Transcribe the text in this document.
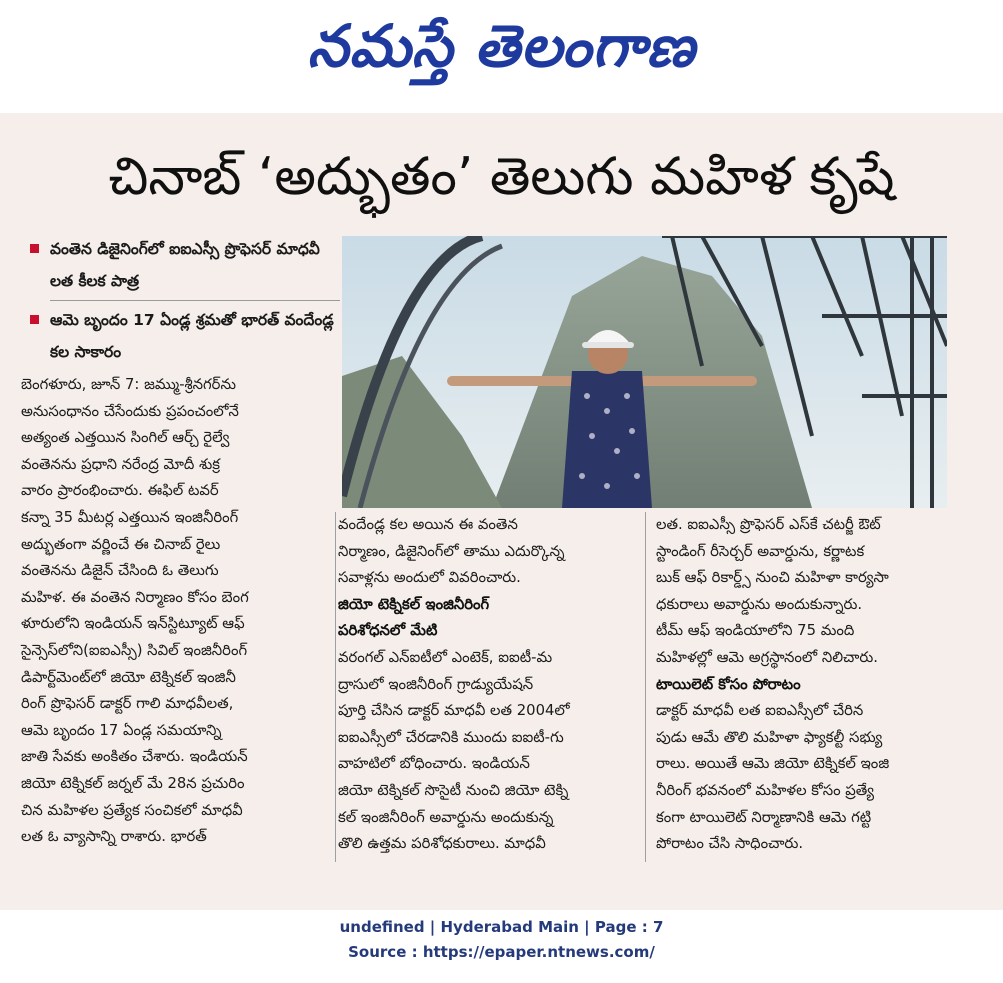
నమస్తే తెలంగాణ
చినాబ్ ‘అద్భుతం’ తెలుగు మహిళ కృషే
వంతెన డిజైనింగ్‌లో ఐఐఎస్సీ ప్రొఫెసర్ మాధవీ లత కీలక పాత్ర
ఆమె బృందం 17 ఏండ్ల శ్రమతో భారత్ వందేండ్ల కల సాకారం

బెంగళూరు, జూన్ 7: జమ్ము-శ్రీనగర్‌ను

అనుసంధానం చేసేందుకు ప్రపంచంలోనే

అత్యంత ఎత్తయిన సింగిల్ ఆర్చ్ రైల్వే

వంతెనను ప్రధాని నరేంద్ర మోదీ శుక్ర

వారం ప్రారంభించారు. ఈఫిల్ టవర్

కన్నా 35 మీటర్ల ఎత్తయిన ఇంజినీరింగ్

అద్భుతంగా వర్ణించే ఈ చినాబ్ రైలు

వంతెనను డిజైన్ చేసింది ఓ తెలుగు

మహిళ. ఈ వంతెన నిర్మాణం కోసం బెంగ

ళూరులోని ఇండియన్ ఇన్‌స్టిట్యూట్ ఆఫ్

సైన్సెస్‌లోని(ఐఐఎస్సీ) సివిల్ ఇంజినీరింగ్

డిపార్ట్‌మెంట్‌లో జియో టెక్నికల్ ఇంజినీ

రింగ్ ప్రొఫెసర్ డాక్టర్ గాలి మాధవీలత,

ఆమె బృందం 17 ఏండ్ల సమయాన్ని

జాతి సేవకు అంకితం చేశారు. ఇండియన్

జియో టెక్నికల్ జర్నల్ మే 28న ప్రచురిం

చిన మహిళల ప్రత్యేక సంచికలో మాధవీ

లత ఓ వ్యాసాన్ని రాశారు. భారత్

వందేండ్ల కల అయిన ఈ వంతెన

నిర్మాణం, డిజైనింగ్‌లో తాము ఎదుర్కొన్న

సవాళ్లను అందులో వివరించారు.

జియో టెక్నికల్ ఇంజినీరింగ్

పరిశోధనలో మేటి

వరంగల్ ఎన్ఐటీలో ఎంటెక్, ఐఐటీ-మ

ద్రాసులో ఇంజినీరింగ్ గ్రాడ్యుయేషన్

పూర్తి చేసిన డాక్టర్ మాధవీ లత 2004లో

ఐఐఎస్సీలో చేరడానికి ముందు ఐఐటీ-గు

వాహటిలో బోధించారు. ఇండియన్

జియో టెక్నికల్ సొసైటీ నుంచి జియో టెక్ని

కల్ ఇంజినీరింగ్ అవార్డును అందుకున్న

తొలి ఉత్తమ పరిశోధకురాలు. మాధవీ

లత. ఐఐఎస్సీ ప్రొఫెసర్ ఎస్‌కే చటర్జీ ఔట్

స్టాండింగ్ రీసెర్చర్ అవార్డును, కర్ణాటక

బుక్ ఆఫ్ రికార్డ్స్ నుంచి మహిళా కార్యసా

ధకురాలు అవార్డును అందుకున్నారు.

టీమ్ ఆఫ్ ఇండియాలోని 75 మంది

మహిళల్లో ఆమె అగ్రస్థానంలో నిలిచారు.

టాయిలెట్ కోసం పోరాటం

డాక్టర్ మాధవీ లత ఐఐఎస్సీలో చేరిన

పుడు ఆమే తొలి మహిళా ఫ్యాకల్టీ సభ్యు

రాలు. అయితే ఆమె జియో టెక్నికల్ ఇంజి

నీరింగ్ భవనంలో మహిళల కోసం ప్రత్యే

కంగా టాయిలెట్ నిర్మాణానికి ఆమె గట్టి

పోరాటం చేసి సాధించారు.

undefined | Hyderabad Main | Page : 7
Source : https://epaper.ntnews.com/
